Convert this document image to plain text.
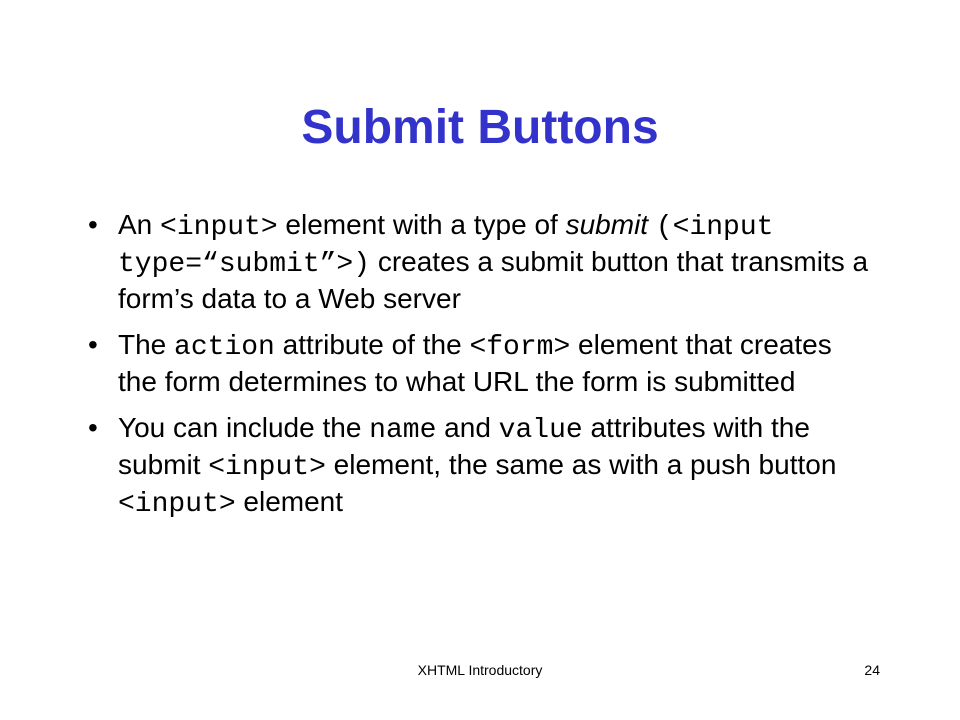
Submit Buttons
• An <input> element with a type of submit (<input type=“submit”>) creates a submit button that transmits a form’s data to a Web server
• The action attribute of the <form> element that creates the form determines to what URL the form is submitted
• You can include the name and value attributes with the submit <input> element, the same as with a push button <input> element
XHTML Introductory	24
